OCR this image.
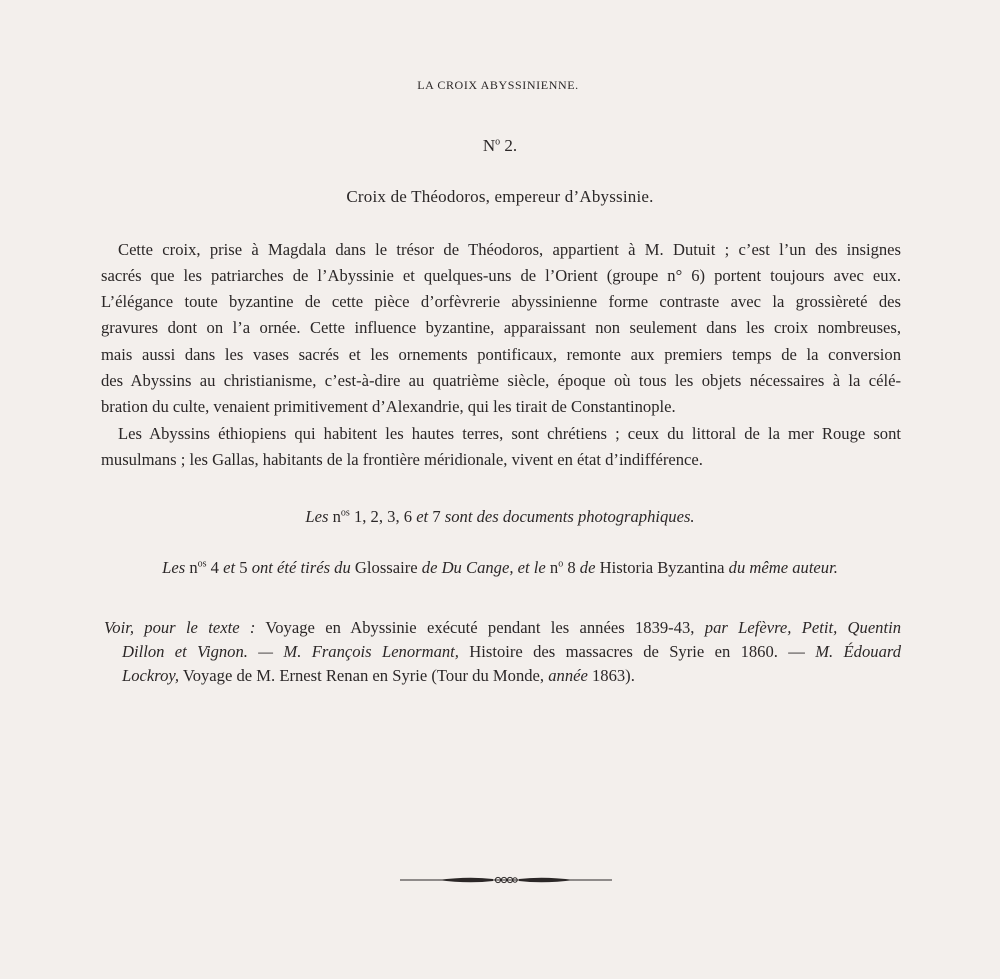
LA CROIX ABYSSINIENNE.
$N^o$ 2.
Croix de Théodoros, empereur d’Abyssinie.
Cette croix, prise à Magdala dans le trésor de Théodoros, appartient à M. Dutuit ; c’est l’un des insignes
sacrés que les patriarches de l’Abyssinie et quelques-uns de l’Orient (groupe n° 6) portent toujours avec eux.
L’élégance toute byzantine de cette pièce d’orfèvrerie abyssinienne forme contraste avec la grossièreté des
gravures dont on l’a ornée. Cette influence byzantine, apparaissant non seulement dans les croix nombreuses,
mais aussi dans les vases sacrés et les ornements pontificaux, remonte aux premiers temps de la conversion
des Abyssins au christianisme, c’est-à-dire au quatrième siècle, époque où tous les objets nécessaires à la célé-
bration du culte, venaient primitivement d’Alexandrie, qui les tirait de Constantinople.
Les Abyssins éthiopiens qui habitent les hautes terres, sont chrétiens ; ceux du littoral de la mer Rouge sont
musulmans ; les Gallas, habitants de la frontière méridionale, vivent en état d’indifférence.
Les $n^{os}$ 1, 2, 3, 6 et 7 sont des documents photographiques.
Les $n^{os}$ 4 et 5 ont été tirés du Glossaire de Du Cange, et le $n^o$ 8 de Historia Byzantina du même auteur.
Voir, pour le texte : Voyage en Abyssinie exécuté pendant les années 1839-43, par Lefèvre, Petit, Quentin
Dillon et Vignon. — M. François Lenormant, Histoire des massacres de Syrie en 1860. — M. Édouard
Lockroy, Voyage de M. Ernest Renan en Syrie (Tour du Monde, année 1863).
